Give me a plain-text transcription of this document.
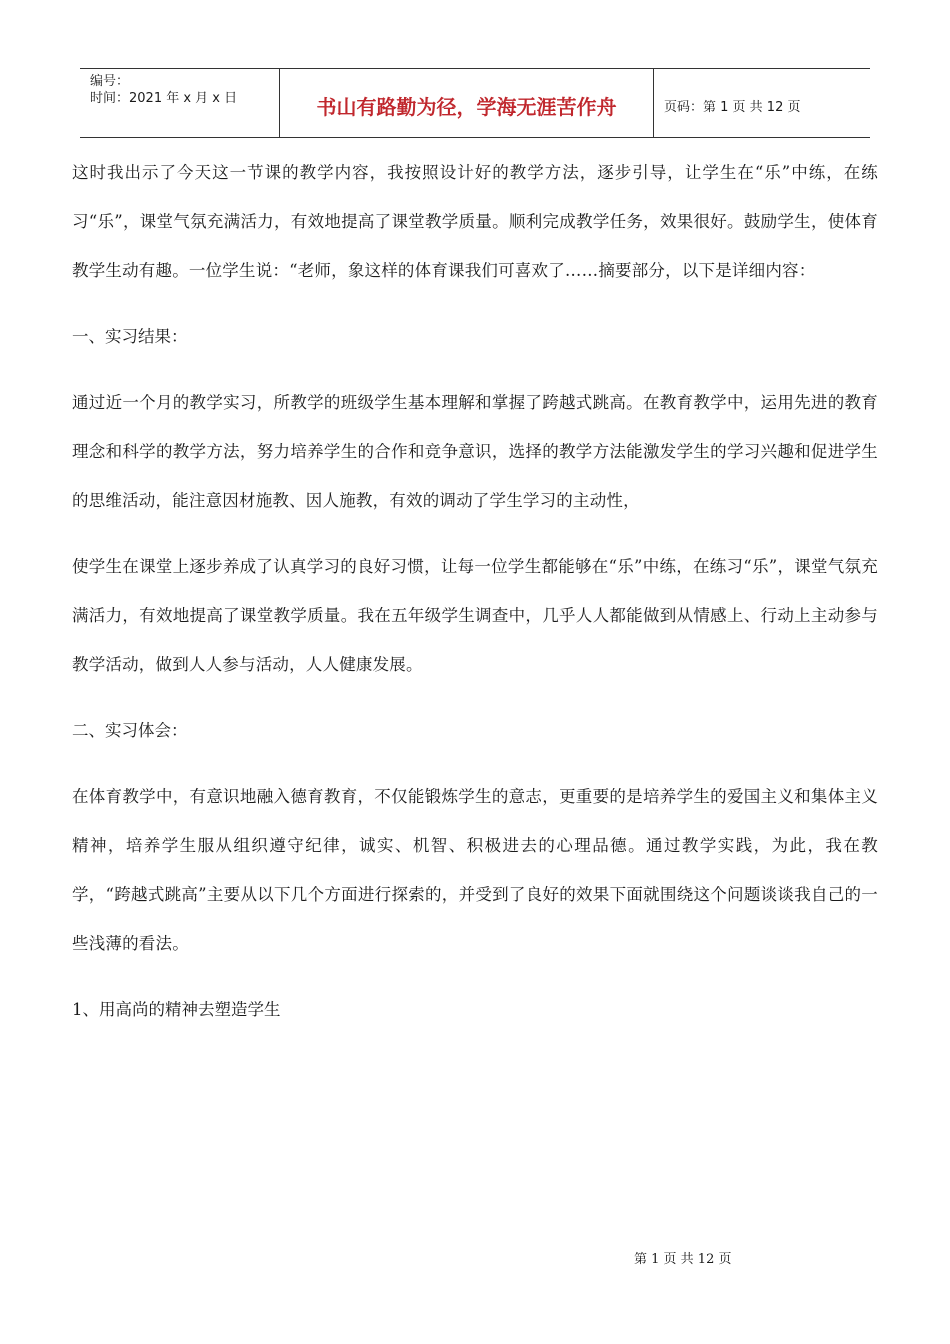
编号：
时间：2021 年 x 月 x 日	书山有路勤为径，学海无涯苦作舟	页码：第 1 页 共 12 页

这时我出示了今天这一节课的教学内容，我按照设计好的教学方法，逐步引导，让学生在“乐”中练，在练习“乐”，课堂气氛充满活力，有效地提高了课堂教学质量。顺利完成教学任务，效果很好。鼓励学生，使体育教学生动有趣。一位学生说：“老师，象这样的体育课我们可喜欢了……摘要部分，以下是详细内容：

一、实习结果：

通过近一个月的教学实习，所教学的班级学生基本理解和掌握了跨越式跳高。在教育教学中，运用先进的教育理念和科学的教学方法，努力培养学生的合作和竞争意识，选择的教学方法能激发学生的学习兴趣和促进学生的思维活动，能注意因材施教、因人施教，有效的调动了学生学习的主动性，

使学生在课堂上逐步养成了认真学习的良好习惯，让每一位学生都能够在“乐”中练，在练习“乐”，课堂气氛充满活力，有效地提高了课堂教学质量。我在五年级学生调查中，几乎人人都能做到从情感上、行动上主动参与教学活动，做到人人参与活动，人人健康发展。

二、实习体会：

在体育教学中，有意识地融入德育教育，不仅能锻炼学生的意志，更重要的是培养学生的爱国主义和集体主义精神，培养学生服从组织遵守纪律，诚实、机智、积极进去的心理品德。通过教学实践，为此，我在教学，“跨越式跳高”主要从以下几个方面进行探索的，并受到了良好的效果下面就围绕这个问题谈谈我自己的一些浅薄的看法。

1、用高尚的精神去塑造学生

第 1 页 共 12 页
